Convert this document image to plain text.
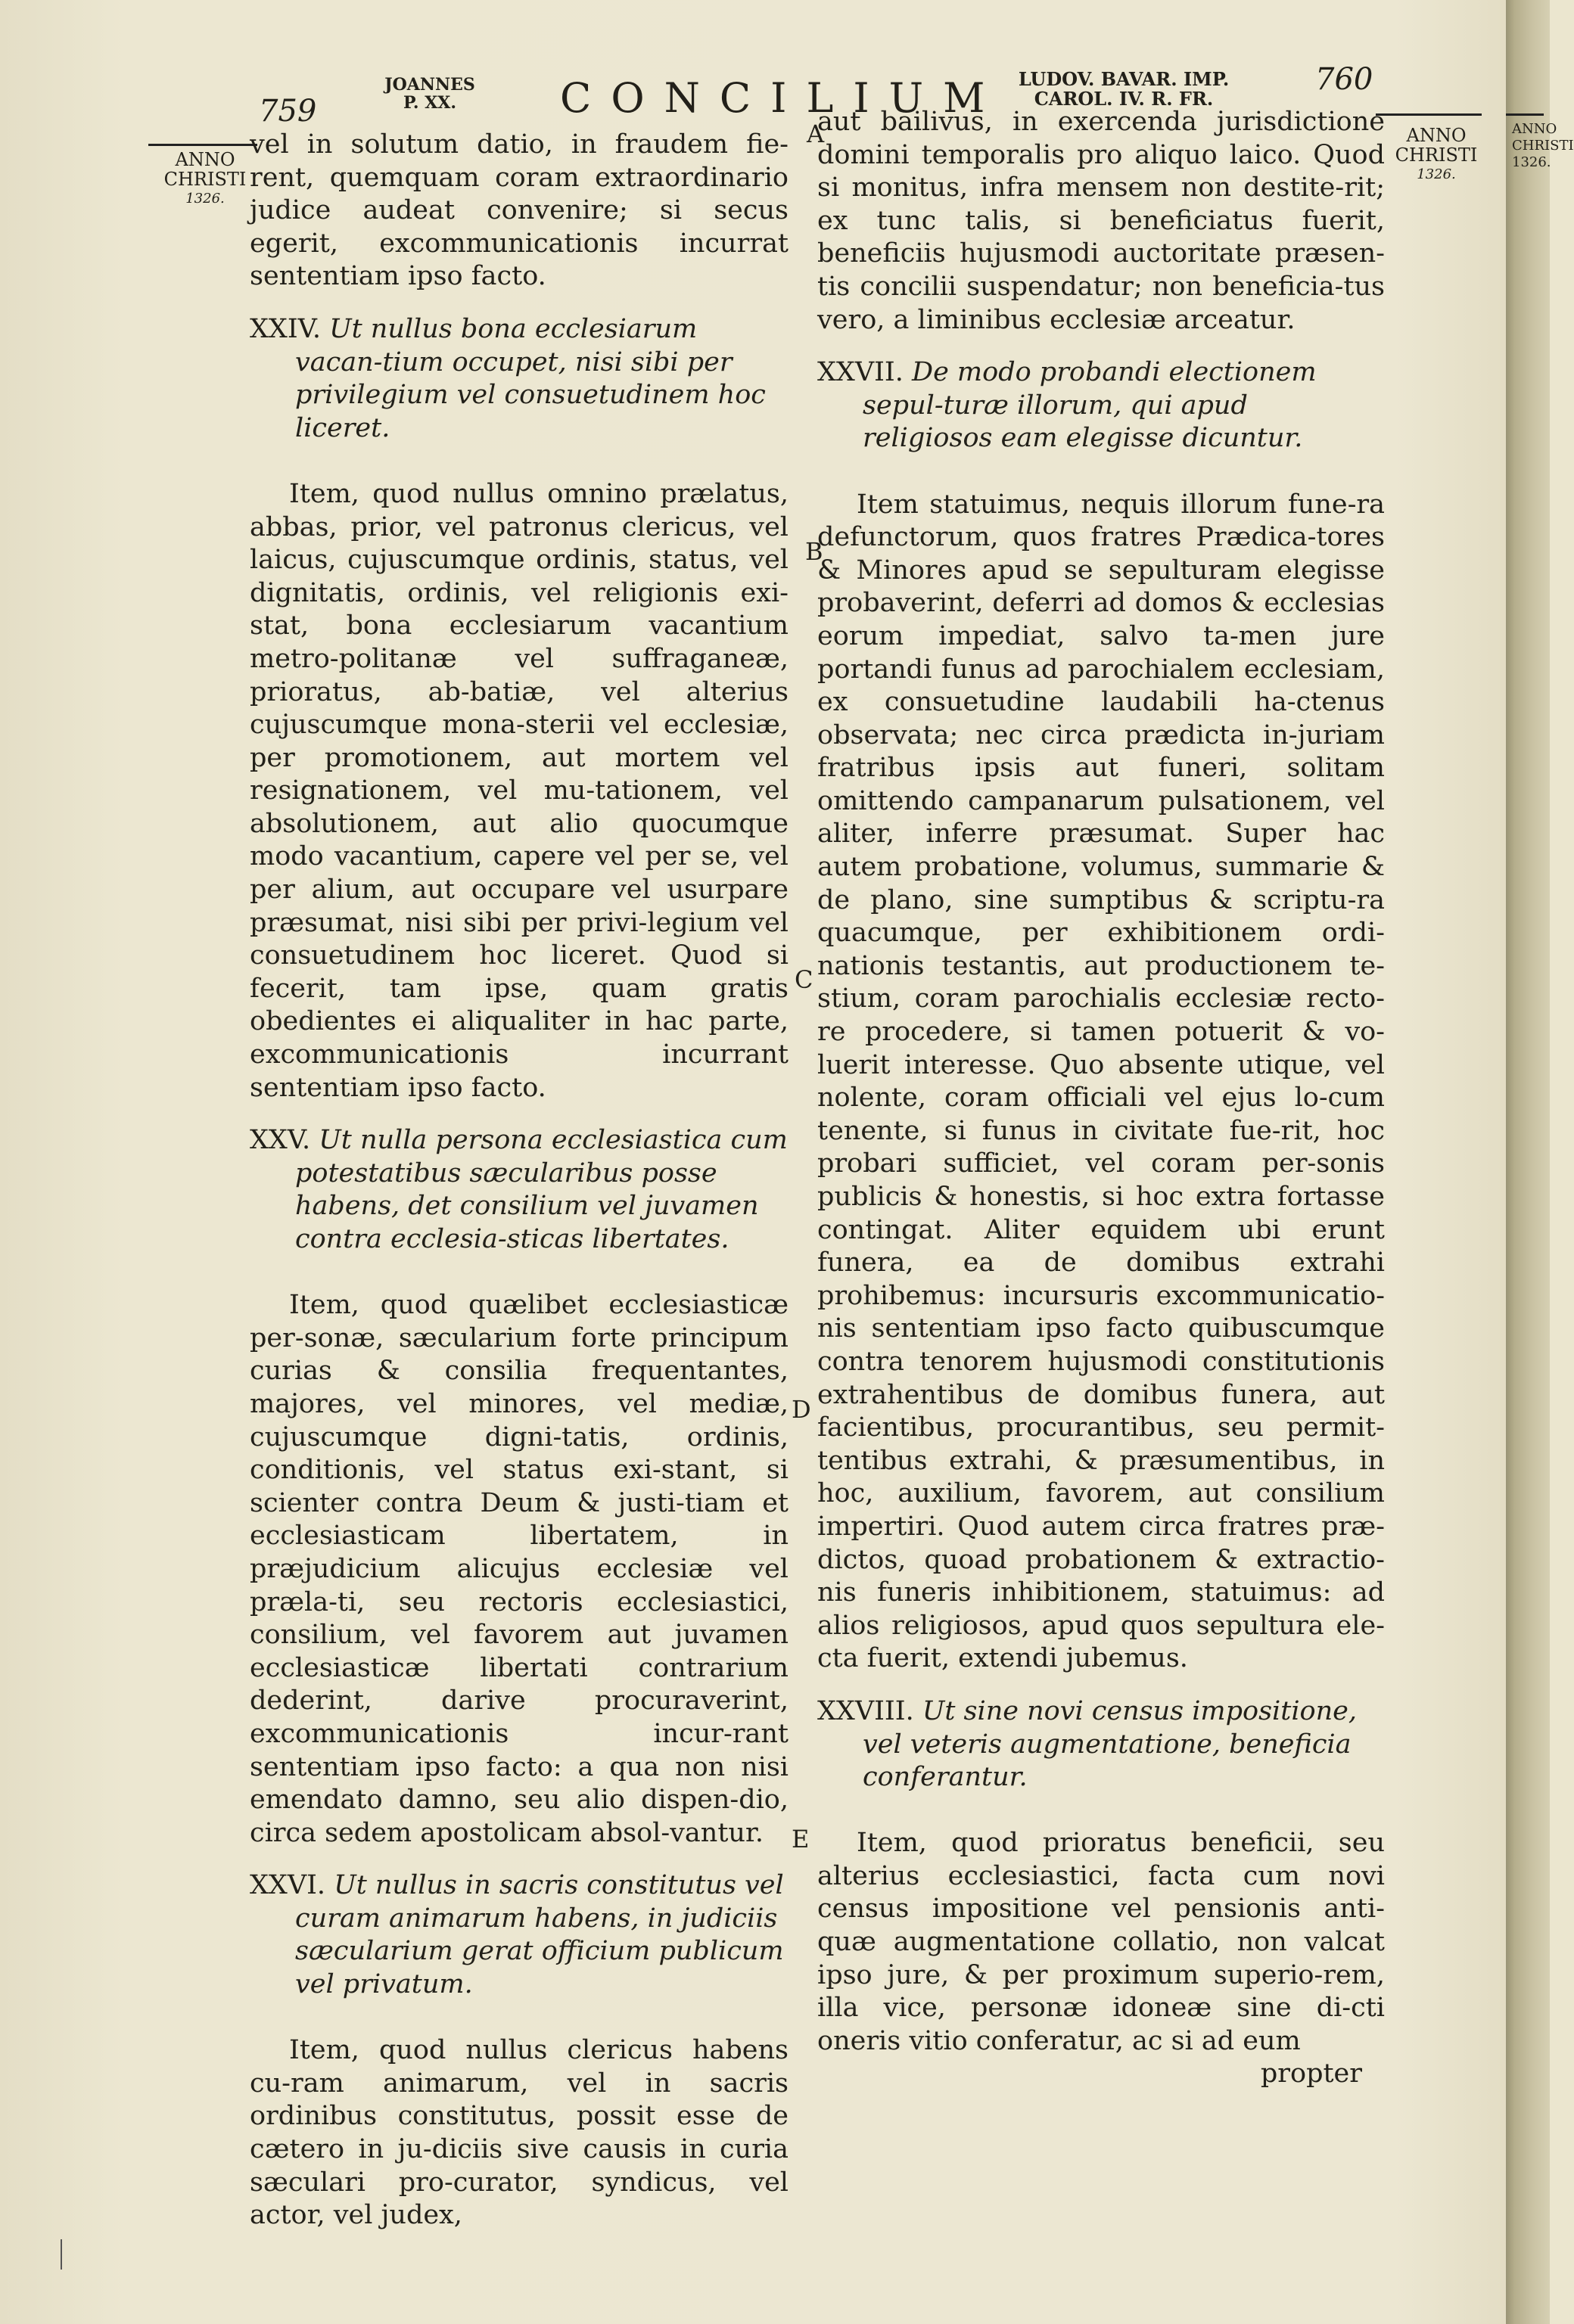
ANNO
CHRISTI
1326.
759
JOANNES
P. XX.	CONCILIUM LUDOV. BAVAR. IMP.
CAROL. IV. R. FR.
760
ANNO
CHRISTI
1326.
ANNO
CHRISTI
1326.
A
B
C
D
E

vel in solutum datio, in fraudem fie-rent, quemquam coram extraordinario judice audeat convenire; si secus egerit, excommunicationis incurrat sententiam ipso facto.

XXIV. Ut nullus bona ecclesiarum vacan-tium occupet, nisi sibi per privilegium vel consuetudinem hoc liceret.

Item, quod nullus omnino prælatus, abbas, prior, vel patronus clericus, vel laicus, cujuscumque ordinis, status, vel dignitatis, ordinis, vel religionis exi-stat, bona ecclesiarum vacantium metro-politanæ vel suffraganeæ, prioratus, ab-batiæ, vel alterius cujuscumque mona-sterii vel ecclesiæ, per promotionem, aut mortem vel resignationem, vel mu-tationem, vel absolutionem, aut alio quocumque modo vacantium, capere vel per se, vel per alium, aut occupare vel usurpare præsumat, nisi sibi per privi-legium vel consuetudinem hoc liceret. Quod si fecerit, tam ipse, quam gratis obedientes ei aliqualiter in hac parte, excommunicationis incurrant sententiam ipso facto.

XXV. Ut nulla persona ecclesiastica cum potestatibus sæcularibus posse habens, det consilium vel juvamen contra ecclesia-sticas libertates.

Item, quod quælibet ecclesiasticæ per-sonæ, sæcularium forte principum curias & consilia frequentantes, majores, vel minores, vel mediæ, cujuscumque digni-tatis, ordinis, conditionis, vel status exi-stant, si scienter contra Deum & justi-tiam et ecclesiasticam libertatem, in præjudicium alicujus ecclesiæ vel præla-ti, seu rectoris ecclesiastici, consilium, vel favorem aut juvamen ecclesiasticæ libertati contrarium dederint, darive procuraverint, excommunicationis incur-rant sententiam ipso facto: a qua non nisi emendato damno, seu alio dispen-dio, circa sedem apostolicam absol-vantur.

XXVI. Ut nullus in sacris constitutus vel curam animarum habens, in judiciis sæcularium gerat officium publicum vel privatum.

Item, quod nullus clericus habens cu-ram animarum, vel in sacris ordinibus constitutus, possit esse de cætero in ju-diciis sive causis in curia sæculari pro-curator, syndicus, vel actor, vel judex,

aut bailivus, in exercenda jurisdictione domini temporalis pro aliquo laico. Quod si monitus, infra mensem non destite-rit; ex tunc talis, si beneficiatus fuerit, beneficiis hujusmodi auctoritate præsen-tis concilii suspendatur; non beneficia-tus vero, a liminibus ecclesiæ arceatur.

XXVII. De modo probandi electionem sepul-turæ illorum, qui apud religiosos eam elegisse dicuntur.

Item statuimus, nequis illorum fune-ra defunctorum, quos fratres Prædica-tores & Minores apud se sepulturam elegisse probaverint, deferri ad domos & ecclesias eorum impediat, salvo ta-men jure portandi funus ad parochialem ecclesiam, ex consuetudine laudabili ha-ctenus observata; nec circa prædicta in-juriam fratribus ipsis aut funeri, solitam omittendo campanarum pulsationem, vel aliter, inferre præsumat. Super hac autem probatione, volumus, summarie & de plano, sine sumptibus & scriptu-ra quacumque, per exhibitionem ordi-nationis testantis, aut productionem te-stium, coram parochialis ecclesiæ recto-re procedere, si tamen potuerit & vo-luerit interesse. Quo absente utique, vel nolente, coram officiali vel ejus lo-cum tenente, si funus in civitate fue-rit, hoc probari sufficiet, vel coram per-sonis publicis & honestis, si hoc extra fortasse contingat. Aliter equidem ubi erunt funera, ea de domibus extrahi prohibemus: incursuris excommunicatio-nis sententiam ipso facto quibuscumque contra tenorem hujusmodi constitutionis extrahentibus de domibus funera, aut facientibus, procurantibus, seu permit-tentibus extrahi, & præsumentibus, in hoc, auxilium, favorem, aut consilium impertiri. Quod autem circa fratres præ-dictos, quoad probationem & extractio-nis funeris inhibitionem, statuimus: ad alios religiosos, apud quos sepultura ele-cta fuerit, extendi jubemus.

XXVIII. Ut sine novi census impositione, vel veteris augmentatione, beneficia conferantur.

Item, quod prioratus beneficii, seu alterius ecclesiastici, facta cum novi census impositione vel pensionis anti-quæ augmentatione collatio, non valcat ipso jure, & per proximum superio-rem, illa vice, personæ idoneæ sine di-cti oneris vitio conferatur, ac si ad eum

propter
